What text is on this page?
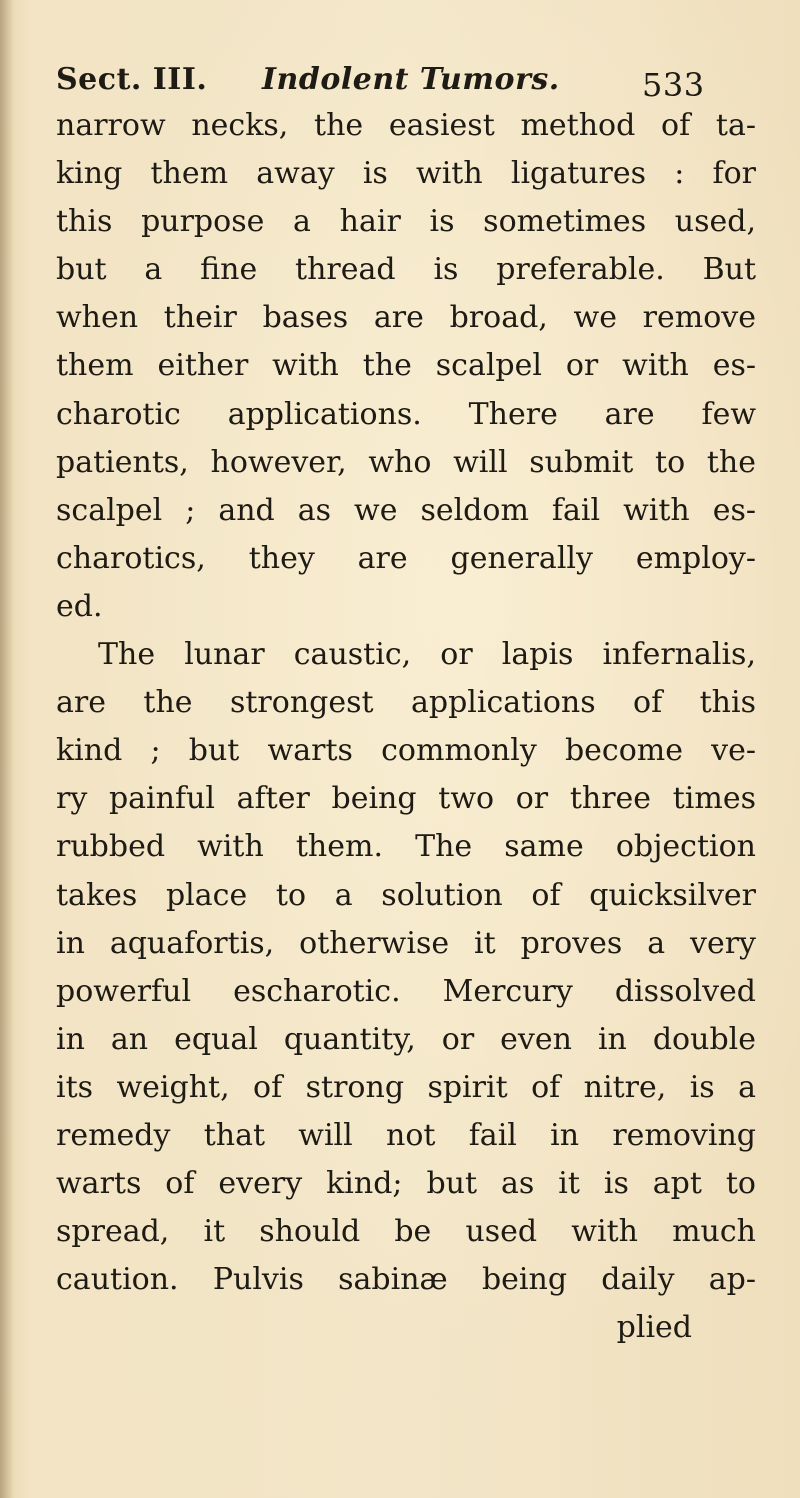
Sect. III. Indolent Tumors.	533
narrow necks, the easiest method of ta-
king them away is with ligatures : for
this purpose a hair is sometimes used,
but a fine thread is preferable. But
when their bases are broad, we remove
them either with the scalpel or with es-
charotic applications. There are few
patients, however, who will submit to the
scalpel ; and as we seldom fail with es-
charotics, they are generally employ-
ed.
The lunar caustic, or lapis infernalis,
are the strongest applications of this
kind ; but warts commonly become ve-
ry painful after being two or three times
rubbed with them. The same objection
takes place to a solution of quicksilver
in aquafortis, otherwise it proves a very
powerful escharotic. Mercury dissolved
in an equal quantity, or even in double
its weight, of strong spirit of nitre, is a
remedy that will not fail in removing
warts of every kind; but as it is apt to
spread, it should be used with much
caution. Pulvis sabinæ being daily ap-
plied
